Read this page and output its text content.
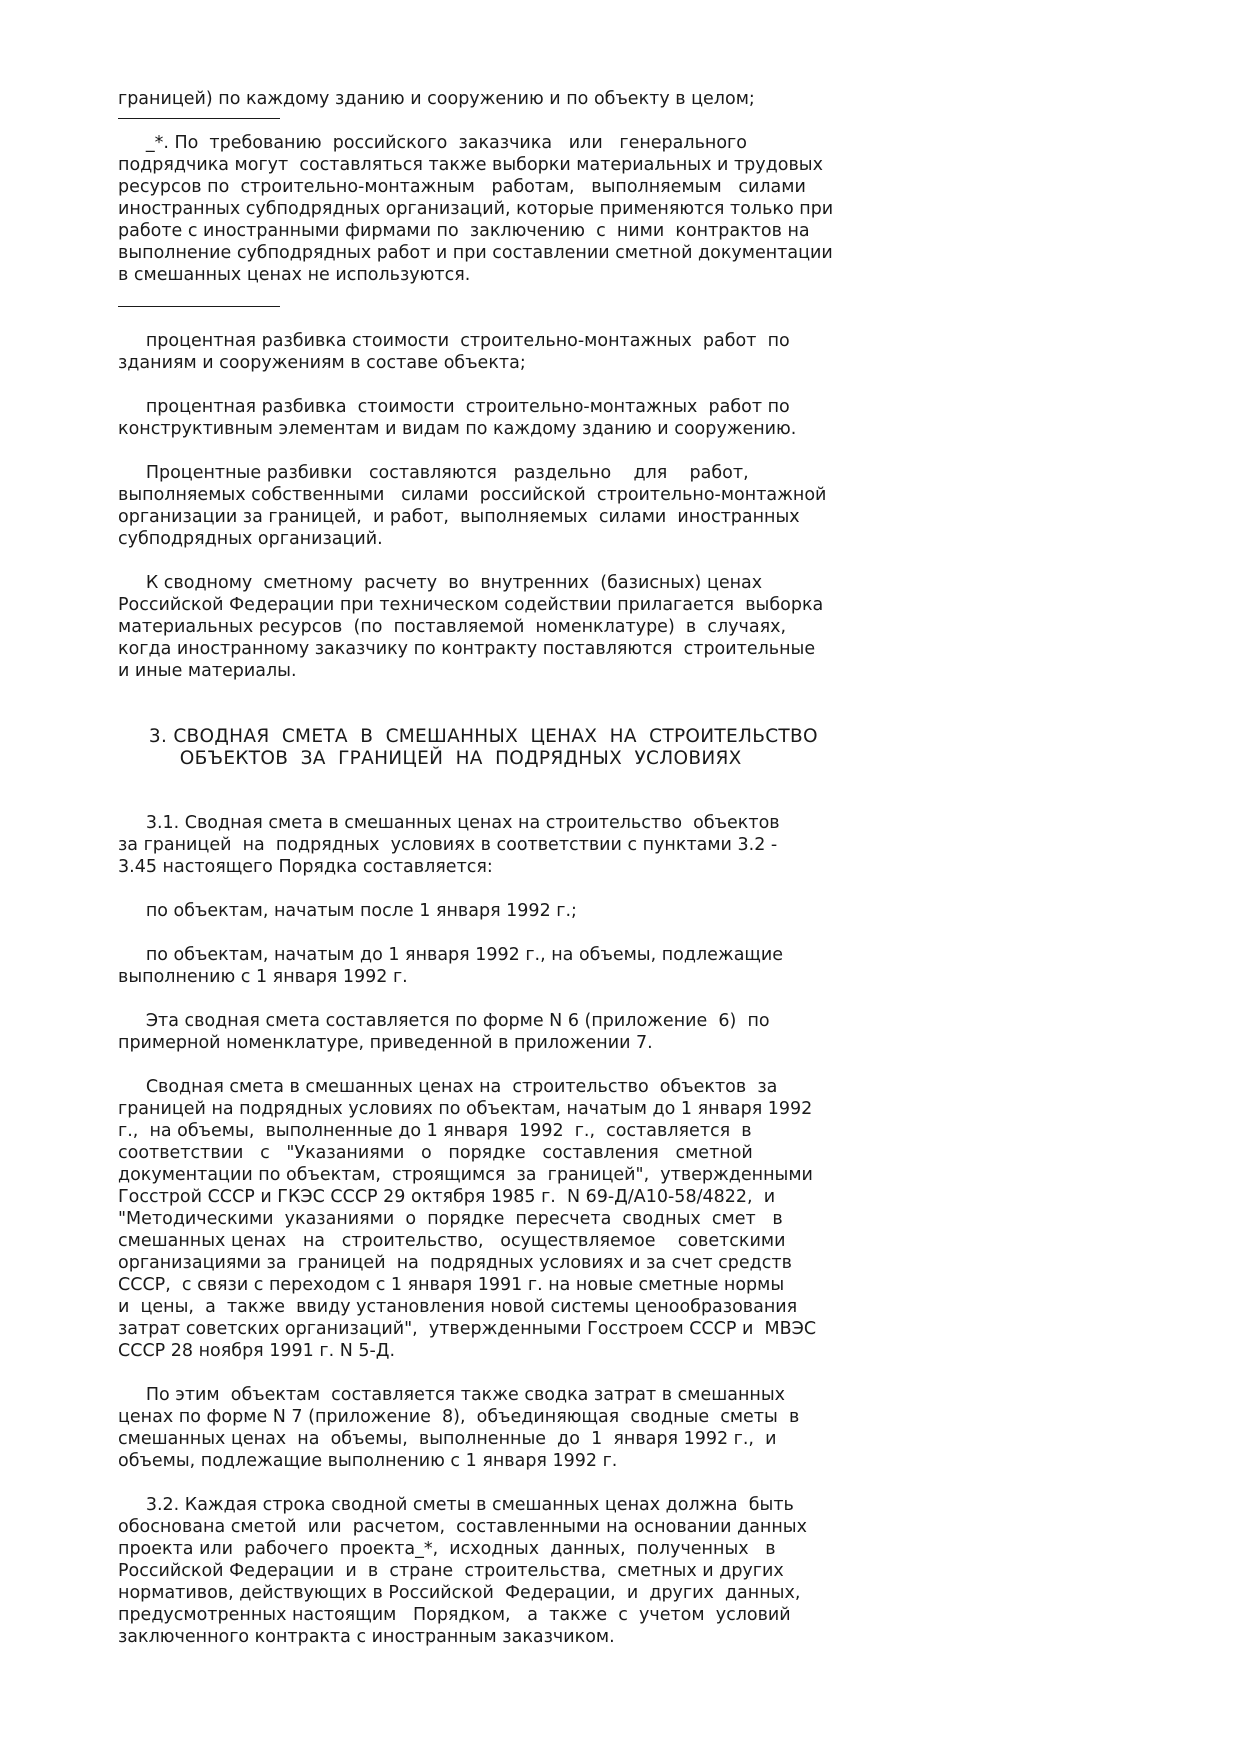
границей) по каждому зданию и сооружению и по объекту в целом;

_*. По  требованию  российского  заказчика   или   генерального
подрядчика могут  составляться также выборки материальных и трудовых
ресурсов по  строительно-монтажным   работам,   выполняемым   силами
иностранных субподрядных организаций, которые применяются только при
работе с иностранными фирмами по  заключению  с  ними  контрактов на
выполнение субподрядных работ и при составлении сметной документации
в смешанных ценах не используются.

процентная разбивка стоимости  строительно-монтажных  работ  по
зданиям и сооружениям в составе объекта;

процентная разбивка  стоимости  строительно-монтажных  работ по
конструктивным элементам и видам по каждому зданию и сооружению.

Процентные разбивки   составляются   раздельно    для    работ,
выполняемых собственными   силами  российской  строительно-монтажной
организации за границей,  и работ,  выполняемых  силами  иностранных
субподрядных организаций.

К сводному  сметному  расчету  во  внутренних  (базисных) ценах
Российской Федерации при техническом содействии прилагается  выборка
материальных ресурсов  (по  поставляемой  номенклатуре)  в  случаях,
когда иностранному заказчику по контракту поставляются  строительные
и иные материалы.

3. СВОДНАЯ  СМЕТА  В  СМЕШАННЫХ  ЦЕНАХ  НА  СТРОИТЕЛЬСТВО
ОБЪЕКТОВ  ЗА  ГРАНИЦЕЙ  НА  ПОДРЯДНЫХ  УСЛОВИЯХ

3.1. Сводная смета в смешанных ценах на строительство  объектов
за границей  на  подрядных  условиях в соответствии с пунктами 3.2 -
3.45 настоящего Порядка составляется:

по объектам, начатым после 1 января 1992 г.;

по объектам, начатым до 1 января 1992 г., на объемы, подлежащие
выполнению с 1 января 1992 г.

Эта сводная смета составляется по форме N 6 (приложение  6)  по
примерной номенклатуре, приведенной в приложении 7.

Сводная смета в смешанных ценах на  строительство  объектов  за
границей на подрядных условиях по объектам, начатым до 1 января 1992
г.,  на объемы,  выполненные до 1 января  1992  г.,  составляется  в
соответствии   с   "Указаниями   о   порядке   составления   сметной
документации по объектам,  строящимся  за  границей",  утвержденными
Госстрой СССР и ГКЭС СССР 29 октября 1985 г.  N 69-Д/А10-58/4822,  и
"Методическими  указаниями  о  порядке  пересчета  сводных  смет   в
смешанных ценах   на   строительство,   осуществляемое    советскими
организациями за  границей  на  подрядных условиях и за счет средств
СССР,  с связи с переходом с 1 января 1991 г. на новые сметные нормы
и  цены,  а  также  ввиду установления новой системы ценообразования
затрат советских организаций",  утвержденными Госстроем СССР и  МВЭС
СССР 28 ноября 1991 г. N 5-Д.

По этим  объектам  составляется также сводка затрат в смешанных
ценах по форме N 7 (приложение  8),  объединяющая  сводные  сметы  в
смешанных ценах  на  объемы,  выполненные  до  1  января 1992 г.,  и
объемы, подлежащие выполнению с 1 января 1992 г.

3.2. Каждая строка сводной сметы в смешанных ценах должна  быть
обоснована сметой  или  расчетом,  составленными на основании данных
проекта или  рабочего  проекта_*,  исходных  данных,  полученных   в
Российской Федерации  и  в  стране  строительства,  сметных и других
нормативов, действующих в Российской  Федерации,  и  других  данных,
предусмотренных настоящим   Порядком,   а  также  с  учетом  условий
заключенного контракта с иностранным заказчиком.
